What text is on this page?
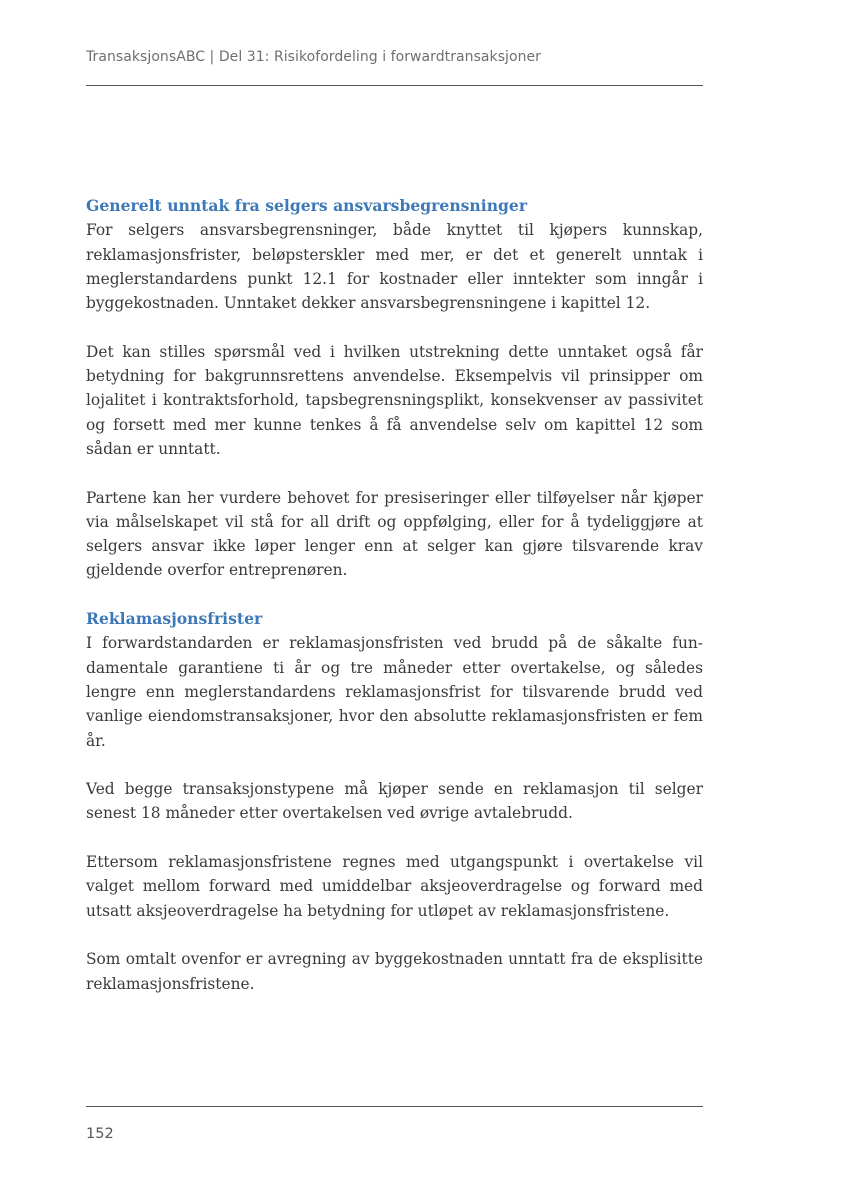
TransaksjonsABC | Del 31: Risikofordeling i forwardtransaksjoner
Generelt unntak fra selgers ansvarsbegrensninger

For selgers ansvarsbegrensninger, både knyttet til kjøpers kunnskap, reklamasjonsfrister, beløpsterskler med mer, er det et generelt unntak i meglerstandardens punkt 12.1 for kostnader eller inntekter som inngår i byggekostnaden. Unntaket dekker ansvarsbegrensningene i kapittel 12.

Det kan stilles spørsmål ved i hvilken utstrekning dette unntaket også får betydning for bakgrunnsrettens anvendelse. Eksempelvis vil prinsipper om lojalitet i kontraktsforhold, tapsbegrensningsplikt, konsekvenser av passivitet og forsett med mer kunne tenkes å få anvendelse selv om kapittel 12 som sådan er unntatt.

Partene kan her vurdere behovet for presiseringer eller tilføyelser når kjøper via målselskapet vil stå for all drift og oppfølging, eller for å tydeliggjøre at selgers ansvar ikke løper lenger enn at selger kan gjøre tilsvarende krav gjeldende overfor entreprenøren.

Reklamasjonsfrister

I forwardstandarden er reklamasjonsfristen ved brudd på de såkalte fundamentale garantiene ti år og tre måneder etter overtakelse, og således lengre enn meglerstandardens reklamasjonsfrist for tilsvarende brudd ved vanlige eiendomstransaksjoner, hvor den absolutte reklamasjonsfristen er fem år.

Ved begge transaksjonstypene må kjøper sende en reklamasjon til selger senest 18 måneder etter overtakelsen ved øvrige avtalebrudd.

Ettersom reklamasjonsfristene regnes med utgangspunkt i overtakelse vil valget mellom forward med umiddelbar aksjeoverdragelse og forward med utsatt aksjeoverdragelse ha betydning for utløpet av reklamasjonsfristene.

Som omtalt ovenfor er avregning av byggekostnaden unntatt fra de eksplisitte reklamasjonsfristene.

152
